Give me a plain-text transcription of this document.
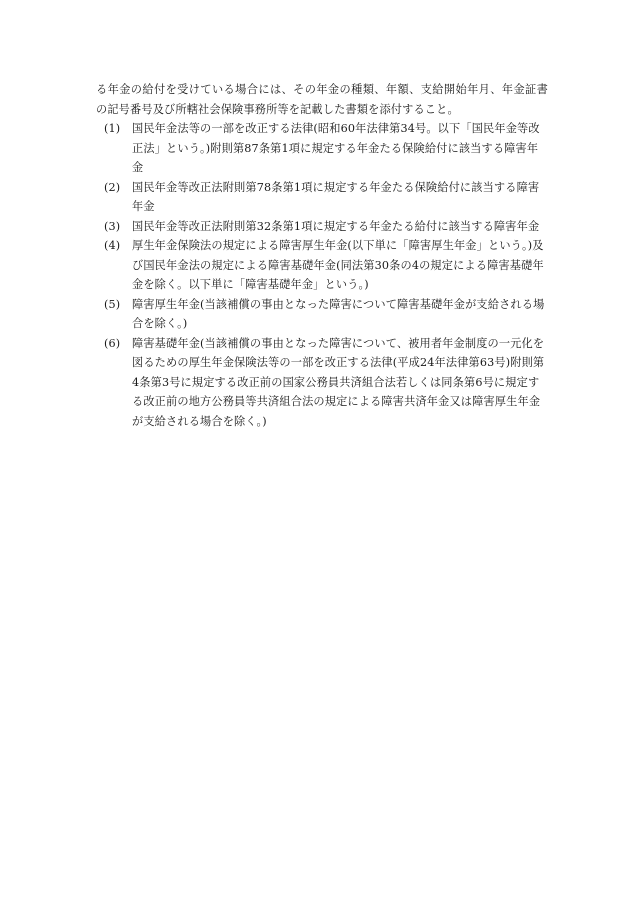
る年金の給付を受けている場合には、その年金の種類、年額、支給開始年月、年金証書の記号番号及び所轄社会保険事務所等を記載した書類を添付すること。

(1)	国民年金法等の一部を改正する法律(昭和60年法律第34号。以下「国民年金等改正法」という。)附則第87条第1項に規定する年金たる保険給付に該当する障害年金
(2)	国民年金等改正法附則第78条第1項に規定する年金たる保険給付に該当する障害年金
(3)	国民年金等改正法附則第32条第1項に規定する年金たる給付に該当する障害年金
(4)	厚生年金保険法の規定による障害厚生年金(以下単に「障害厚生年金」という。)及び国民年金法の規定による障害基礎年金(同法第30条の4の規定による障害基礎年金を除く。以下単に「障害基礎年金」という。)
(5)	障害厚生年金(当該補償の事由となった障害について障害基礎年金が支給される場合を除く。)
(6)	障害基礎年金(当該補償の事由となった障害について、被用者年金制度の一元化を図るための厚生年金保険法等の一部を改正する法律(平成24年法律第63号)附則第4条第3号に規定する改正前の国家公務員共済組合法若しくは同条第6号に規定する改正前の地方公務員等共済組合法の規定による障害共済年金又は障害厚生年金が支給される場合を除く。)
